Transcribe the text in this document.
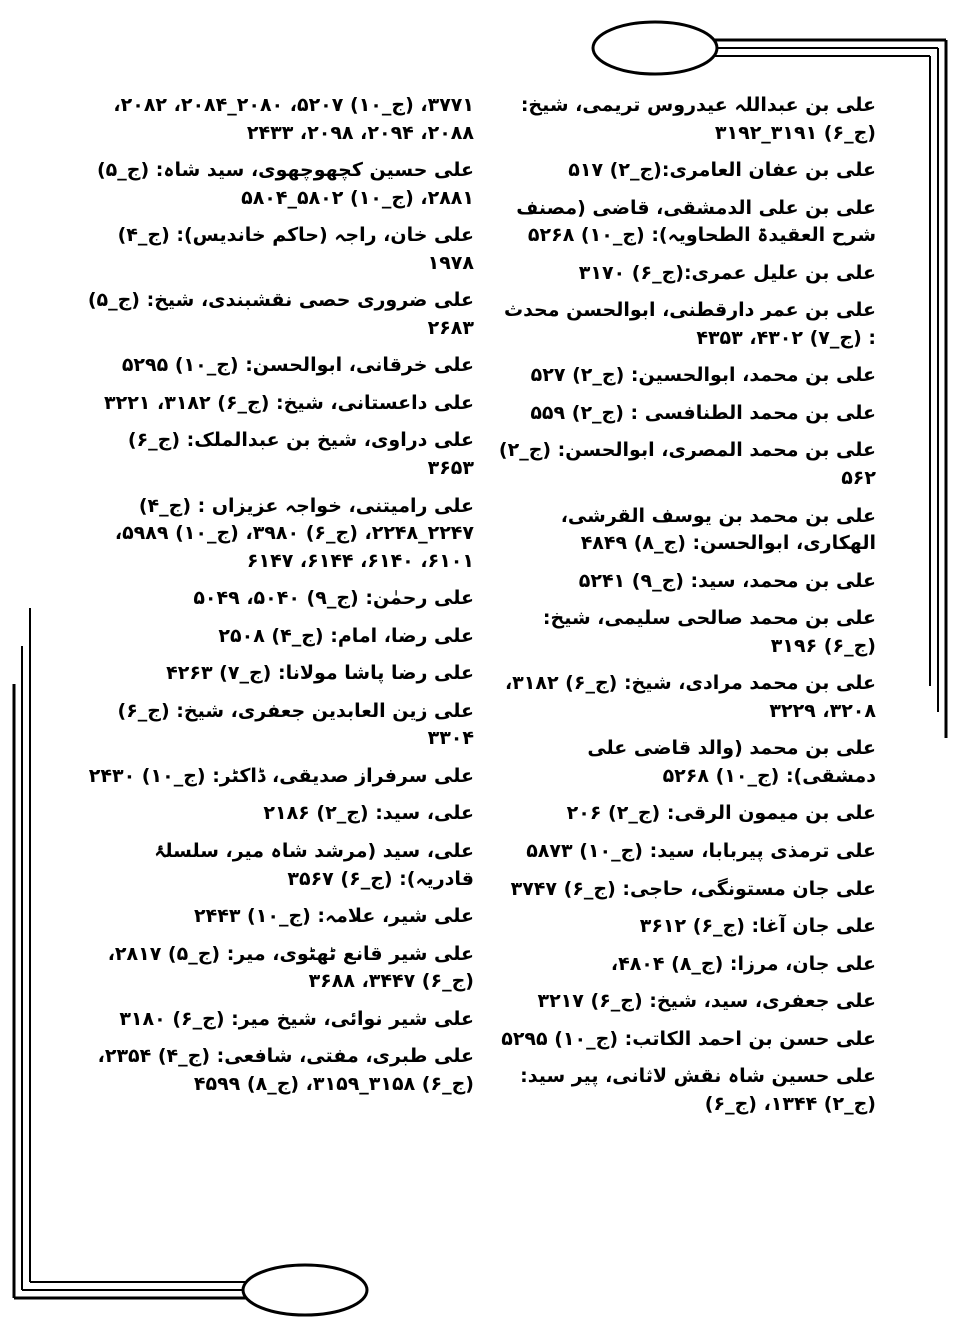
علی بن عبداللہ عیدروس تریمی، شیخ:(ج_۶) ۳۱۹۱_۳۱۹۲
علی بن عفان العامری:(ج_۲) ۵۱۷
علی بن علی الدمشقی، قاضی (مصنف شرح العقیدۃ الطحاویہ): (ج_۱۰) ۵۲۶۸
علی بن علیل عمری:(ج_۶) ۳۱۷۰
علی بن عمر دارقطنی، ابوالحسن محدث : (ج_۷) ۴۳۰۲، ۴۳۵۳
علی بن محمد، ابوالحسین: (ج_۲) ۵۲۷
علی بن محمد الطنافسی : (ج_۲) ۵۵۹
علی بن محمد المصری، ابوالحسن: (ج_۲) ۵۶۲
علی بن محمد بن یوسف القرشی، الھکاری، ابوالحسن: (ج_۸) ۴۸۴۹
علی بن محمد، سید: (ج_۹) ۵۲۴۱
علی بن محمد صالحی سلیمی، شیخ: (ج_۶) ۳۱۹۶
علی بن محمد مرادی، شیخ: (ج_۶) ۳۱۸۲، ۳۲۰۸، ۳۲۲۹
علی بن محمد (والد قاضی علی دمشقی): (ج_۱۰) ۵۲۶۸
علی بن میمون الرقی: (ج_۲) ۲۰۶
علی ترمذی پیربابا، سید: (ج_۱۰) ۵۸۷۳
علی جان مستونگی، حاجی: (ج_۶) ۳۷۴۷
علی جان آغا: (ج_۶) ۳۶۱۲
علی جان، مرزا: (ج_۸) ۴۸۰۴،
علی جعفری، سید، شیخ: (ج_۶) ۳۲۱۷
علی حسن بن احمد الکاتب: (ج_۱۰) ۵۲۹۵
علی حسین شاہ نقش لاثانی، پیر سید: (ج_۲) ۱۳۴۴، (ج_۶)
۳۷۷۱، (ج_۱۰) ۵۲۰۷، ۲۰۸۰_۲۰۸۴، ۲۰۸۲، ۲۰۸۸، ۲۰۹۴، ۲۰۹۸، ۲۴۳۳
علی حسین کچھوچھوی، سید شاہ: (ج_۵) ۲۸۸۱، (ج_۱۰) ۵۸۰۲_۵۸۰۴
علی خان، راجہ (حاکم خاندیس): (ج_۴) ۱۹۷۸
علی ضروری حصی نقشبندی، شیخ: (ج_۵) ۲۶۸۳
علی خرقانی، ابوالحسن: (ج_۱۰) ۵۲۹۵
علی داعستانی، شیخ: (ج_۶) ۳۱۸۲، ۳۲۲۱
علی دراوی، شیخ بن عبدالملک: (ج_۶) ۳۶۵۳
علی رامیتنی، خواجہ عزیزاں : (ج_۴) ۲۲۴۷_۲۲۴۸، (ج_۶) ۳۹۸۰، (ج_۱۰) ۵۹۸۹، ۶۱۰۱، ۶۱۴۰، ۶۱۴۴، ۶۱۴۷
علی رحمٰن: (ج_۹) ۵۰۴۰، ۵۰۴۹
علی رضا، امام: (ج_۴) ۲۵۰۸
علی رضا پاشا مولانا: (ج_۷) ۴۲۶۳
علی زین العابدین جعفری، شیخ: (ج_۶) ۳۳۰۴
علی سرفراز صدیقی، ڈاکٹر: (ج_۱۰) ۲۴۳۰
علی، سید: (ج_۲) ۲۱۸۶
علی، سید (مرشد شاہ میر، سلسلۂ قادریہ): (ج_۶) ۳۵۶۷
علی شیر، علامہ: (ج_۱۰) ۲۴۴۳
علی شیر قانع ٹھٹوی، میر: (ج_۵) ۲۸۱۷، (ج_۶) ۳۴۴۷، ۳۶۸۸
علی شیر نوائی، شیخ میر: (ج_۶) ۳۱۸۰
علی طبری، مفتی، شافعی: (ج_۴) ۲۳۵۴، (ج_۶) ۳۱۵۸_۳۱۵۹، (ج_۸) ۴۵۹۹
